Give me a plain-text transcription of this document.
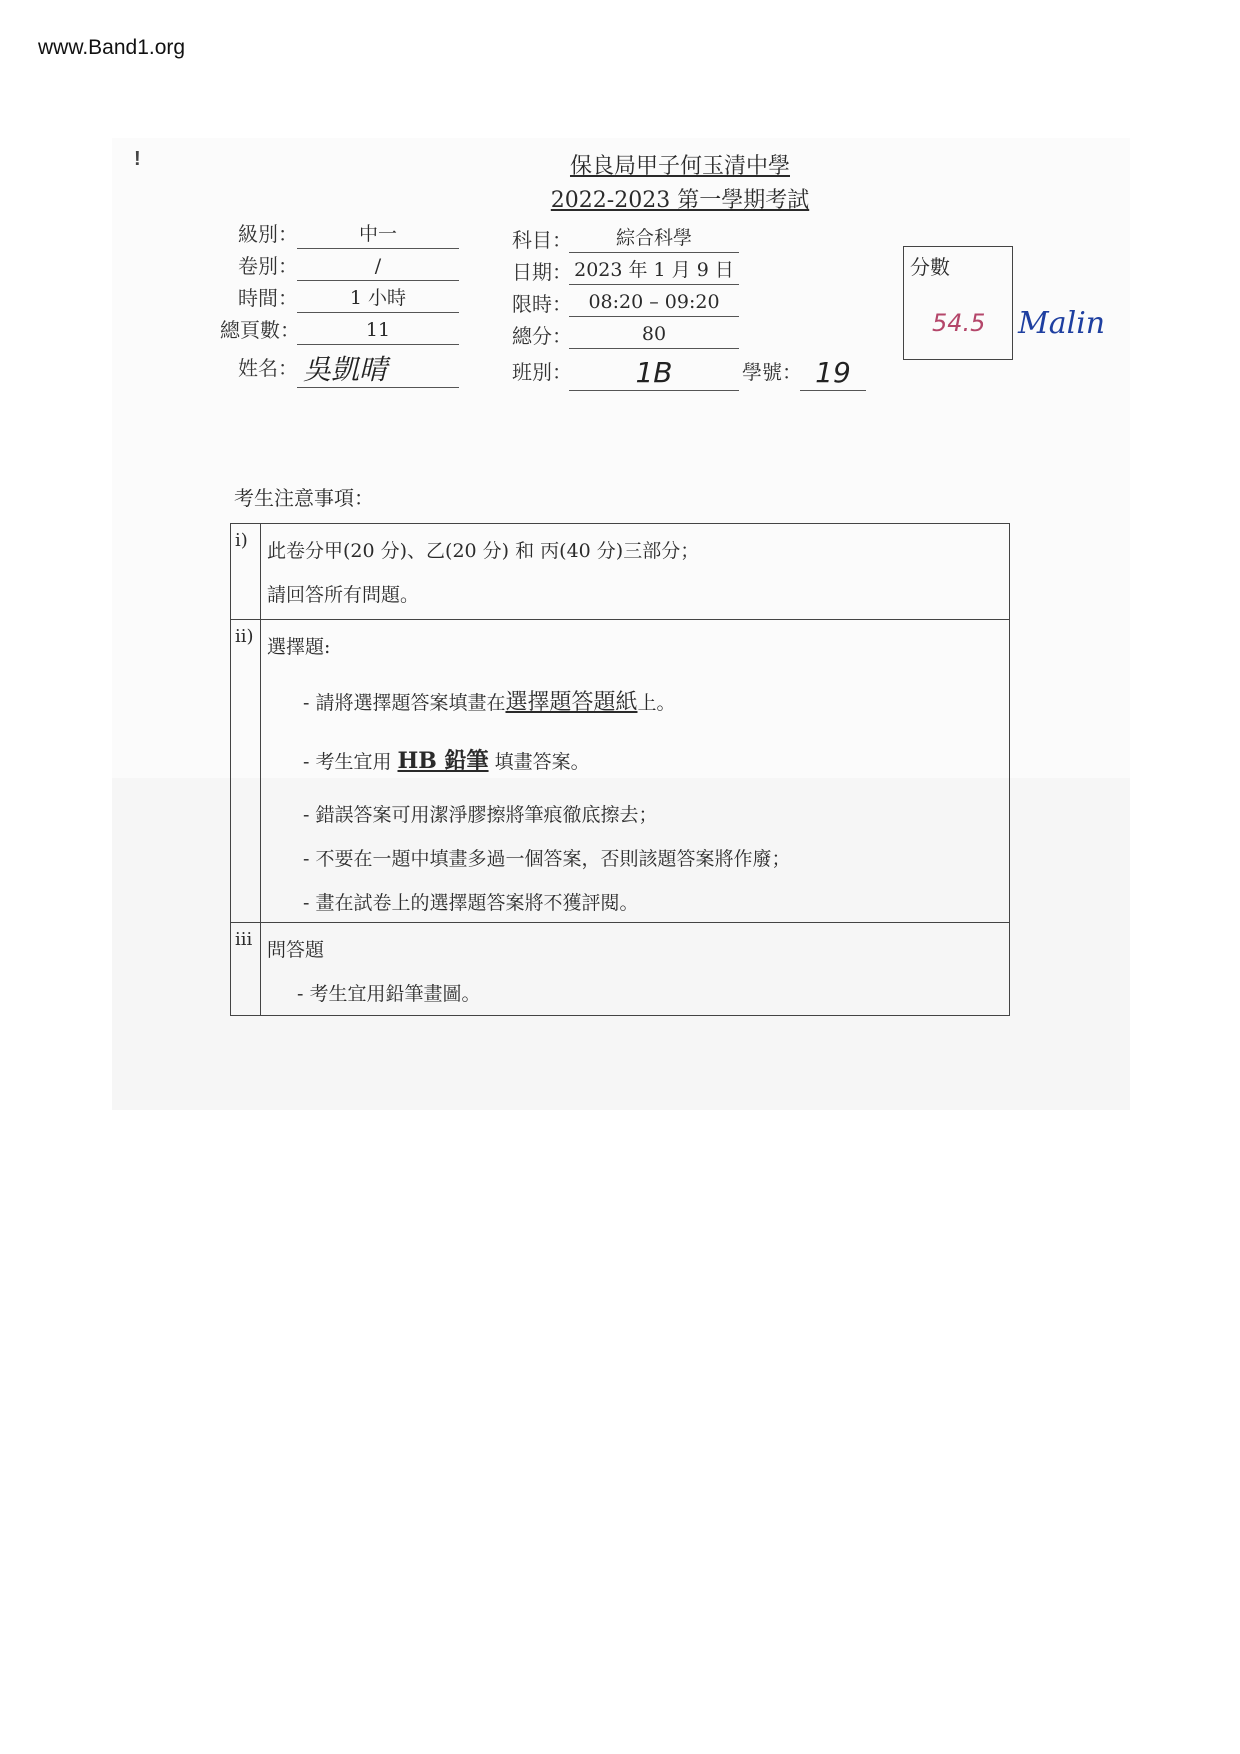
www.Band1.org
!	保良局甲子何玉清中學
2022-2023 第一學期考試
級別：	中一
卷別：	/
時間：	1 小時
總頁數：	11
姓名： 吳凱晴
科目：	綜合科學
日期： 2023 年 1 月 9 日
限時： 08:20 – 09:20
總分：	80
班別：	1B	學號： 19
分數
54.5 Malin
考生注意事項：
i)	此卷分甲(20 分)、乙(20 分) 和 丙(40 分)三部分；
請回答所有問題。
ii) 選擇題:
- 請將選擇題答案填畫在選擇題答題紙上。
- 考生宜用 HB 鉛筆 填畫答案。
- 錯誤答案可用潔淨膠擦將筆痕徹底擦去；
- 不要在一題中填畫多過一個答案，否則該題答案將作廢；
- 畫在試卷上的選擇題答案將不獲評閱。
iii 問答題
- 考生宜用鉛筆畫圖。
